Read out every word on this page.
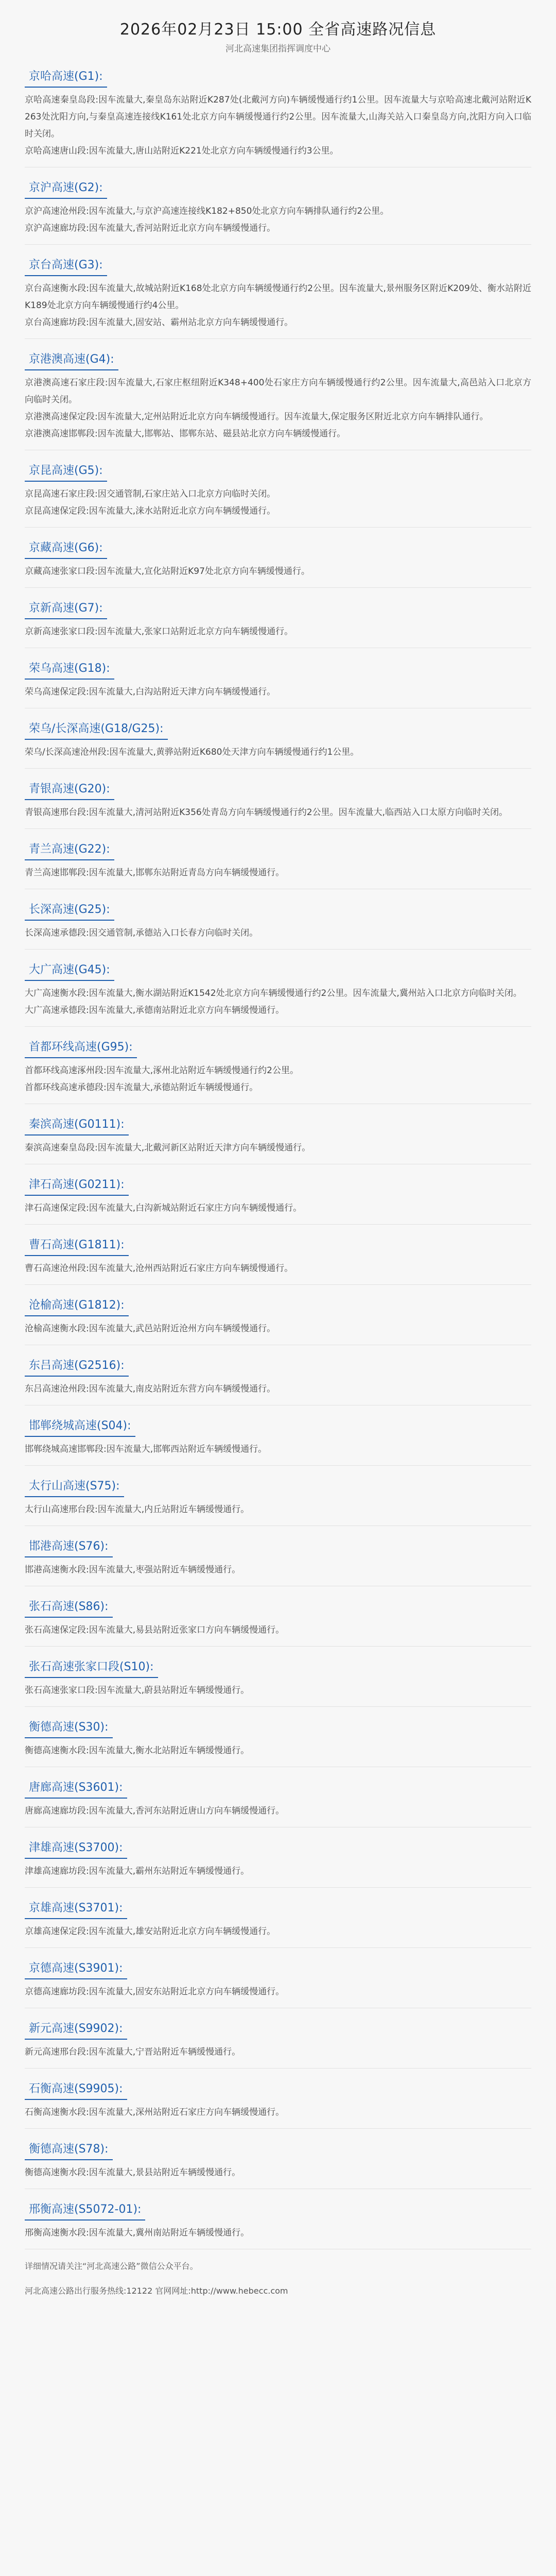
2026年02月23日 15:00 全省高速路况信息
河北高速集团指挥调度中心
京哈高速(G1):

京哈高速秦皇岛段:因车流量大,秦皇岛东站附近K287处(北戴河方向)车辆缓慢通行约1公里。因车流量大与京哈高速北戴河站附近K263处沈阳方向,与秦皇高速连接线K161处北京方向车辆缓慢通行约2公里。因车流量大,山海关站入口秦皇岛方向,沈阳方向入口临时关闭。

京哈高速唐山段:因车流量大,唐山站附近K221处北京方向车辆缓慢通行约3公里。

京沪高速(G2):

京沪高速沧州段:因车流量大,与京沪高速连接线K182+850处北京方向车辆排队通行约2公里。

京沪高速廊坊段:因车流量大,香河站附近北京方向车辆缓慢通行。

京台高速(G3):

京台高速衡水段:因车流量大,故城站附近K168处北京方向车辆缓慢通行约2公里。因车流量大,景州服务区附近K209处、衡水站附近K189处北京方向车辆缓慢通行约4公里。

京台高速廊坊段:因车流量大,固安站、霸州站北京方向车辆缓慢通行。

京港澳高速(G4):

京港澳高速石家庄段:因车流量大,石家庄枢纽附近K348+400处石家庄方向车辆缓慢通行约2公里。因车流量大,高邑站入口北京方向临时关闭。

京港澳高速保定段:因车流量大,定州站附近北京方向车辆缓慢通行。因车流量大,保定服务区附近北京方向车辆排队通行。

京港澳高速邯郸段:因车流量大,邯郸站、邯郸东站、磁县站北京方向车辆缓慢通行。

京昆高速(G5):

京昆高速石家庄段:因交通管制,石家庄站入口北京方向临时关闭。

京昆高速保定段:因车流量大,涞水站附近北京方向车辆缓慢通行。

京藏高速(G6):

京藏高速张家口段:因车流量大,宣化站附近K97处北京方向车辆缓慢通行。

京新高速(G7):

京新高速张家口段:因车流量大,张家口站附近北京方向车辆缓慢通行。

荣乌高速(G18):

荣乌高速保定段:因车流量大,白沟站附近天津方向车辆缓慢通行。

荣乌/长深高速(G18/G25):

荣乌/长深高速沧州段:因车流量大,黄骅站附近K680处天津方向车辆缓慢通行约1公里。

青银高速(G20):

青银高速邢台段:因车流量大,清河站附近K356处青岛方向车辆缓慢通行约2公里。因车流量大,临西站入口太原方向临时关闭。

青兰高速(G22):

青兰高速邯郸段:因车流量大,邯郸东站附近青岛方向车辆缓慢通行。

长深高速(G25):

长深高速承德段:因交通管制,承德站入口长春方向临时关闭。

大广高速(G45):

大广高速衡水段:因车流量大,衡水湖站附近K1542处北京方向车辆缓慢通行约2公里。因车流量大,冀州站入口北京方向临时关闭。

大广高速承德段:因车流量大,承德南站附近北京方向车辆缓慢通行。

首都环线高速(G95):

首都环线高速涿州段:因车流量大,涿州北站附近车辆缓慢通行约2公里。

首都环线高速承德段:因车流量大,承德站附近车辆缓慢通行。

秦滨高速(G0111):

秦滨高速秦皇岛段:因车流量大,北戴河新区站附近天津方向车辆缓慢通行。

津石高速(G0211):

津石高速保定段:因车流量大,白沟新城站附近石家庄方向车辆缓慢通行。

曹石高速(G1811):

曹石高速沧州段:因车流量大,沧州西站附近石家庄方向车辆缓慢通行。

沧榆高速(G1812):

沧榆高速衡水段:因车流量大,武邑站附近沧州方向车辆缓慢通行。

东吕高速(G2516):

东吕高速沧州段:因车流量大,南皮站附近东营方向车辆缓慢通行。

邯郸绕城高速(S04):

邯郸绕城高速邯郸段:因车流量大,邯郸西站附近车辆缓慢通行。

太行山高速(S75):

太行山高速邢台段:因车流量大,内丘站附近车辆缓慢通行。

邯港高速(S76):

邯港高速衡水段:因车流量大,枣强站附近车辆缓慢通行。

张石高速(S86):

张石高速保定段:因车流量大,易县站附近张家口方向车辆缓慢通行。

张石高速张家口段(S10):

张石高速张家口段:因车流量大,蔚县站附近车辆缓慢通行。

衡德高速(S30):

衡德高速衡水段:因车流量大,衡水北站附近车辆缓慢通行。

唐廊高速(S3601):

唐廊高速廊坊段:因车流量大,香河东站附近唐山方向车辆缓慢通行。

津雄高速(S3700):

津雄高速廊坊段:因车流量大,霸州东站附近车辆缓慢通行。

京雄高速(S3701):

京雄高速保定段:因车流量大,雄安站附近北京方向车辆缓慢通行。

京德高速(S3901):

京德高速廊坊段:因车流量大,固安东站附近北京方向车辆缓慢通行。

新元高速(S9902):

新元高速邢台段:因车流量大,宁晋站附近车辆缓慢通行。

石衡高速(S9905):

石衡高速衡水段:因车流量大,深州站附近石家庄方向车辆缓慢通行。

衡德高速(S78):

衡德高速衡水段:因车流量大,景县站附近车辆缓慢通行。

邢衡高速(S5072-01):

邢衡高速衡水段:因车流量大,冀州南站附近车辆缓慢通行。

详细情况请关注“河北高速公路”微信公众平台。
河北高速公路出行服务热线:12122 官网网址:http://www.hebecc.com
